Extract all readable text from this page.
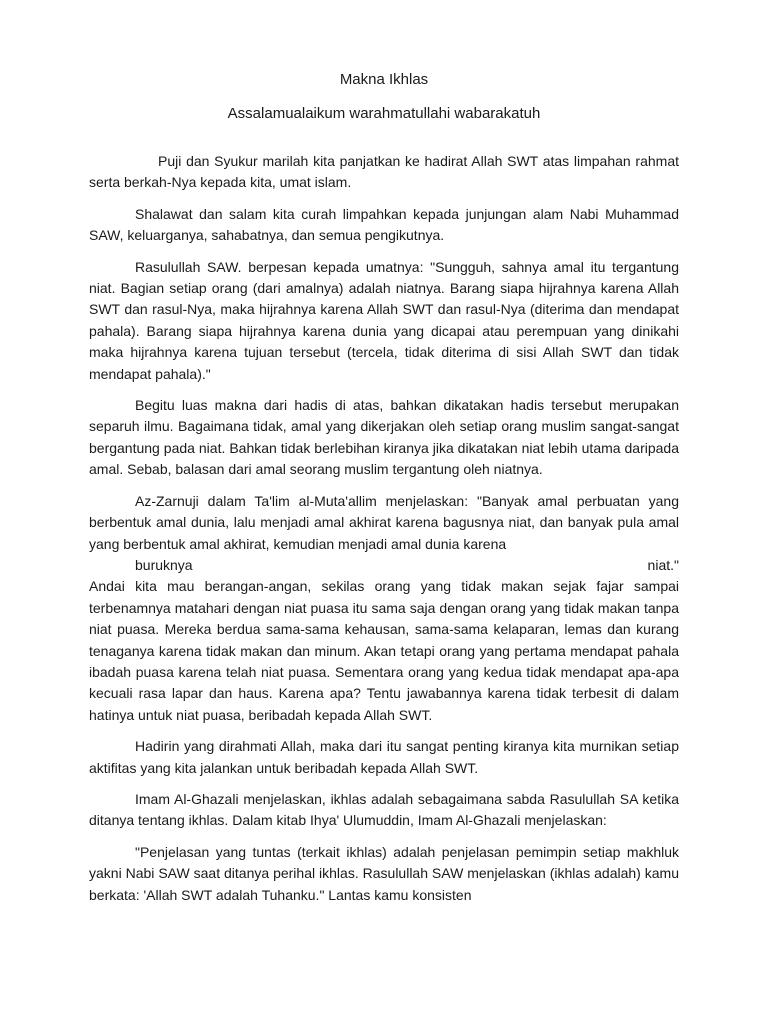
Makna Ikhlas
Assalamualaikum warahmatullahi wabarakatuh

Puji dan Syukur marilah kita panjatkan ke hadirat Allah SWT atas limpahan rahmat serta berkah-Nya kepada kita, umat islam.

Shalawat dan salam kita curah limpahkan kepada junjungan alam Nabi Muhammad SAW, keluarganya, sahabatnya, dan semua pengikutnya.

Rasulullah SAW. berpesan kepada umatnya: "Sungguh, sahnya amal itu tergantung niat. Bagian setiap orang (dari amalnya) adalah niatnya. Barang siapa hijrahnya karena Allah SWT dan rasul-Nya, maka hijrahnya karena Allah SWT dan rasul-Nya (diterima dan mendapat pahala). Barang siapa hijrahnya karena dunia yang dicapai atau perempuan yang dinikahi maka hijrahnya karena tujuan tersebut (tercela, tidak diterima di sisi Allah SWT dan tidak mendapat pahala)."

Begitu luas makna dari hadis di atas, bahkan dikatakan hadis tersebut merupakan separuh ilmu. Bagaimana tidak, amal yang dikerjakan oleh setiap orang muslim sangat-sangat bergantung pada niat. Bahkan tidak berlebihan kiranya jika dikatakan niat lebih utama daripada amal. Sebab, balasan dari amal seorang muslim tergantung oleh niatnya.

Az-Zarnuji dalam Ta'lim al-Muta'allim menjelaskan: "Banyak amal perbuatan yang berbentuk amal dunia, lalu menjadi amal akhirat karena bagusnya niat, dan banyak pula amal yang berbentuk amal akhirat, kemudian menjadi amal dunia karena
buruknya niat."

Andai kita mau berangan-angan, sekilas orang yang tidak makan sejak fajar sampai terbenamnya matahari dengan niat puasa itu sama saja dengan orang yang tidak makan tanpa niat puasa. Mereka berdua sama-sama kehausan, sama-sama kelaparan, lemas dan kurang tenaganya karena tidak makan dan minum. Akan tetapi orang yang pertama mendapat pahala ibadah puasa karena telah niat puasa. Sementara orang yang kedua tidak mendapat apa-apa kecuali rasa lapar dan haus. Karena apa? Tentu jawabannya karena tidak terbesit di dalam hatinya untuk niat puasa, beribadah kepada Allah SWT.

Hadirin yang dirahmati Allah, maka dari itu sangat penting kiranya kita murnikan setiap aktifitas yang kita jalankan untuk beribadah kepada Allah SWT.

Imam Al-Ghazali menjelaskan, ikhlas adalah sebagaimana sabda Rasulullah SA ketika ditanya tentang ikhlas. Dalam kitab Ihya' Ulumuddin, Imam Al-Ghazali menjelaskan:

"Penjelasan yang tuntas (terkait ikhlas) adalah penjelasan pemimpin setiap makhluk yakni Nabi SAW saat ditanya perihal ikhlas. Rasulullah SAW menjelaskan (ikhlas adalah) kamu berkata: 'Allah SWT adalah Tuhanku." Lantas kamu konsisten
